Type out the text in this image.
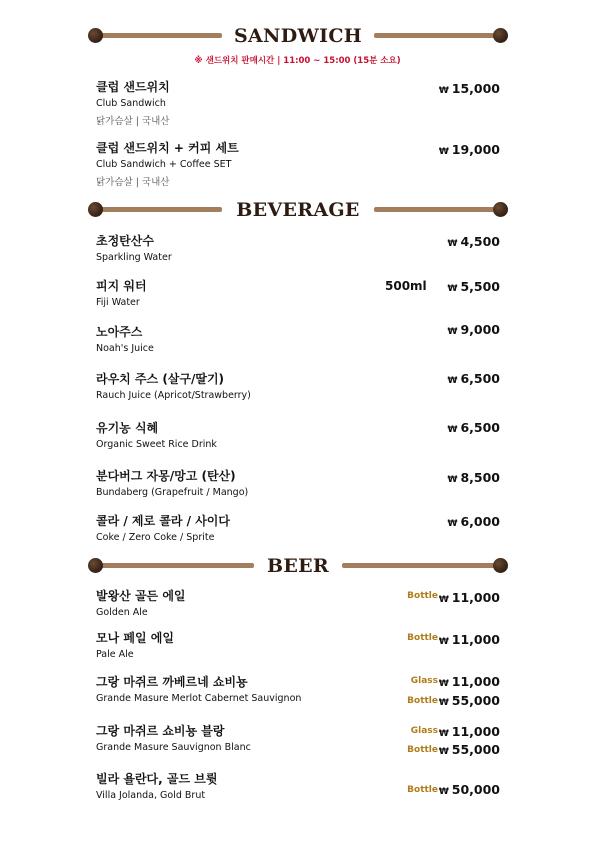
SANDWICH
※ 샌드위치 판매시간 | 11:00 ~ 15:00 (15분 소요)
클럽 샌드위치
Club Sandwich
닭가슴살 | 국내산
₩ 15,000
클럽 샌드위치 + 커피 세트
Club Sandwich + Coffee SET
닭가슴살 | 국내산
₩ 19,000
BEVERAGE
초정탄산수
Sparkling Water
₩ 4,500
피지 워터
Fiji Water
500ml ₩ 5,500
노아주스
Noah's Juice
₩ 9,000
라우치 주스 (살구/딸기)
Rauch Juice (Apricot/Strawberry)
₩ 6,500
유기농 식혜
Organic Sweet Rice Drink
₩ 6,500
분다버그 자몽/망고 (탄산)
Bundaberg (Grapefruit / Mango)
₩ 8,500
콜라 / 제로 콜라 / 사이다
Coke / Zero Coke / Sprite
₩ 6,000
BEER
발왕산 골든 에일
Golden Ale
Bottle ₩ 11,000
모나 페일 에일
Pale Ale
Bottle ₩ 11,000
그랑 마쥐르 까베르네 쇼비뇽
Grande Masure Merlot Cabernet Sauvignon
Glass ₩ 11,000
Bottle ₩ 55,000
그랑 마쥐르 쇼비뇽 블랑
Grande Masure Sauvignon Blanc
Glass ₩ 11,000
Bottle ₩ 55,000
빌라 욜란다, 골드 브륏
Villa Jolanda, Gold Brut	Bottle ₩ 50,000
